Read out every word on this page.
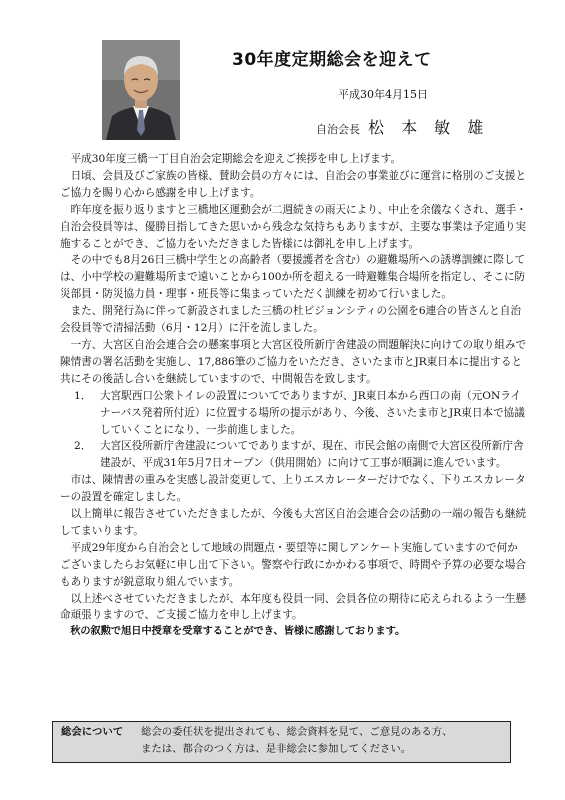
30年度定期総会を迎えて
平成30年4月15日
自治会長 松 本 敏 雄

平成30年度三橋一丁目自治会定期総会を迎えご挨拶を申し上げます。

日頃、会員及びご家族の皆様、賛助会員の方々には、自治会の事業並びに運営に格別のご支援とご協力を賜り心から感謝を申し上げます。

昨年度を振り返りますと三橋地区運動会が二週続きの雨天により、中止を余儀なくされ、選手・自治会役員等は、優勝目指してきた思いから残念な気持ちもありますが、主要な事業は予定通り実施することができ、ご協力をいただきました皆様には御礼を申し上げます。

その中でも8月26日三橋中学生との高齢者（要援護者を含む）の避難場所への誘導訓練に際しては、小中学校の避難場所まで遠いことから100か所を超える一時避難集合場所を指定し、そこに防災部員・防災協力員・理事・班長等に集まっていただく訓練を初めて行いました。

また、開発行為に伴って新設されました三橋の杜ビジョンシティの公園を6連合の皆さんと自治会役員等で清掃活動（6月・12月）に汗を流しました。

一方、大宮区自治会連合会の懸案事項と大宮区役所新庁舎建設の問題解決に向けての取り組みで陳情書の署名活動を実施し、17,886筆のご協力をいただき、さいたま市とJR東日本に提出すると共にその後話し合いを継続していますので、中間報告を致します。

1． 大宮駅西口公衆トイレの設置についてでありますが、JR東日本から西口の南（元ONライナーバス発着所付近）に位置する場所の提示があり、今後、さいたま市とJR東日本で協議していくことになり、一歩前進しました。
2． 大宮区役所新庁舎建設についてでありますが、現在、市民会館の南側で大宮区役所新庁舎建設が、平成31年5月7日オープン（供用開始）に向けて工事が順調に進んでいます。

市は、陳情書の重みを実感し設計変更して、上りエスカレーターだけでなく、下りエスカレーターの設置を確定しました。

以上簡単に報告させていただきましたが、今後も大宮区自治会連合会の活動の一端の報告も継続してまいります。

平成29年度から自治会として地域の問題点・要望等に関しアンケート実施していますので何かございましたらお気軽に申し出て下さい。警察や行政にかかわる事項で、時間や予算の必要な場合もありますが鋭意取り組んでいます。

以上述べさせていただきましたが、本年度も役員一同、会員各位の期待に応えられるよう一生懸命頑張りますので、ご支援ご協力を申し上げます。

秋の叙勲で旭日中授章を受章することができ、皆様に感謝しております。

総会について 総会の委任状を提出されても、総会資料を見て、ご意見のある方、
または、都合のつく方は、是非総会に参加してください。
